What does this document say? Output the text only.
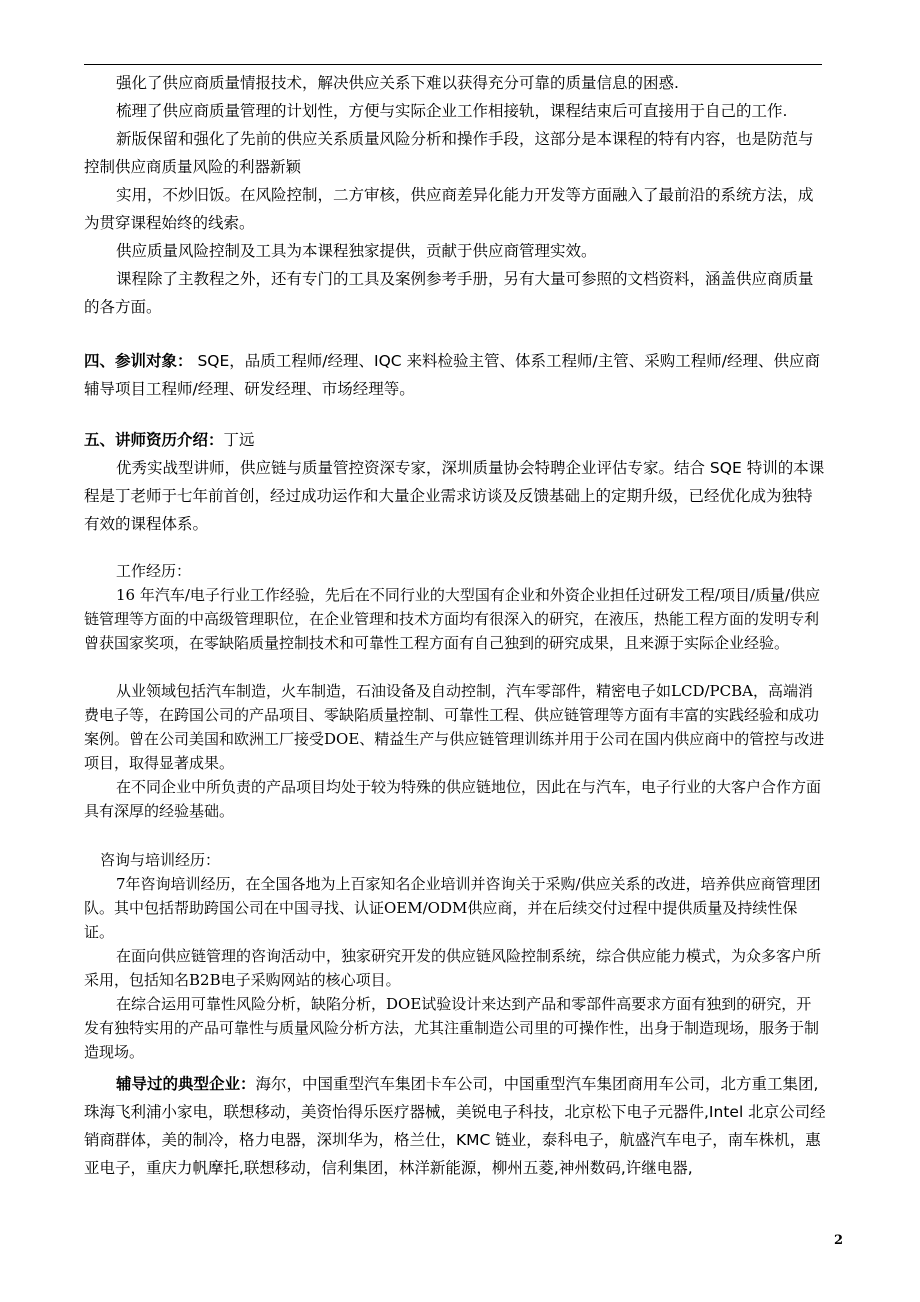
强化了供应商质量情报技术，解决供应关系下难以获得充分可靠的质量信息的困惑.

梳理了供应商质量管理的计划性，方便与实际企业工作相接轨，课程结束后可直接用于自己的工作.

新版保留和强化了先前的供应关系质量风险分析和操作手段，这部分是本课程的特有内容，也是防范与控制供应商质量风险的利器新颖

实用，不炒旧饭。在风险控制，二方审核，供应商差异化能力开发等方面融入了最前沿的系统方法，成为贯穿课程始终的线索。

供应质量风险控制及工具为本课程独家提供，贡献于供应商管理实效。

课程除了主教程之外，还有专门的工具及案例参考手册，另有大量可参照的文档资料，涵盖供应商质量的各方面。

四、参训对象： SQE，品质工程师/经理、IQC 来料检验主管、体系工程师/主管、采购工程师/经理、供应商辅导项目工程师/经理、研发经理、市场经理等。

五、讲师资历介绍：丁远

优秀实战型讲师，供应链与质量管控资深专家，深圳质量协会特聘企业评估专家。结合 SQE 特训的本课程是丁老师于七年前首创，经过成功运作和大量企业需求访谈及反馈基础上的定期升级，已经优化成为独特有效的课程体系。

工作经历：

16 年汽车/电子行业工作经验，先后在不同行业的大型国有企业和外资企业担任过研发工程/项目/质量/供应链管理等方面的中高级管理职位，在企业管理和技术方面均有很深入的研究，在液压，热能工程方面的发明专利曾获国家奖项，在零缺陷质量控制技术和可靠性工程方面有自己独到的研究成果，且来源于实际企业经验。

从业领域包括汽车制造，火车制造，石油设备及自动控制，汽车零部件，精密电子如LCD/PCBA，高端消费电子等，在跨国公司的产品项目、零缺陷质量控制、可靠性工程、供应链管理等方面有丰富的实践经验和成功案例。曾在公司美国和欧洲工厂接受DOE、精益生产与供应链管理训练并用于公司在国内供应商中的管控与改进项目，取得显著成果。

在不同企业中所负责的产品项目均处于较为特殊的供应链地位，因此在与汽车，电子行业的大客户合作方面具有深厚的经验基础。

咨询与培训经历：

7年咨询培训经历，在全国各地为上百家知名企业培训并咨询关于采购/供应关系的改进，培养供应商管理团队。其中包括帮助跨国公司在中国寻找、认证OEM/ODM供应商，并在后续交付过程中提供质量及持续性保证。

在面向供应链管理的咨询活动中，独家研究开发的供应链风险控制系统，综合供应能力模式，为众多客户所采用，包括知名B2B电子采购网站的核心项目。

在综合运用可靠性风险分析，缺陷分析，DOE试验设计来达到产品和零部件高要求方面有独到的研究，开发有独特实用的产品可靠性与质量风险分析方法，尤其注重制造公司里的可操作性，出身于制造现场，服务于制造现场。

辅导过的典型企业：海尔，中国重型汽车集团卡车公司，中国重型汽车集团商用车公司，北方重工集团,珠海飞利浦小家电，联想移动，美资怡得乐医疗器械，美锐电子科技，北京松下电子元器件,Intel 北京公司经销商群体，美的制冷，格力电器，深圳华为，格兰仕，KMC 链业，泰科电子，航盛汽车电子，南车株机，惠亚电子，重庆力帆摩托,联想移动，信利集团，林洋新能源，柳州五菱,神州数码,许继电器,

2
